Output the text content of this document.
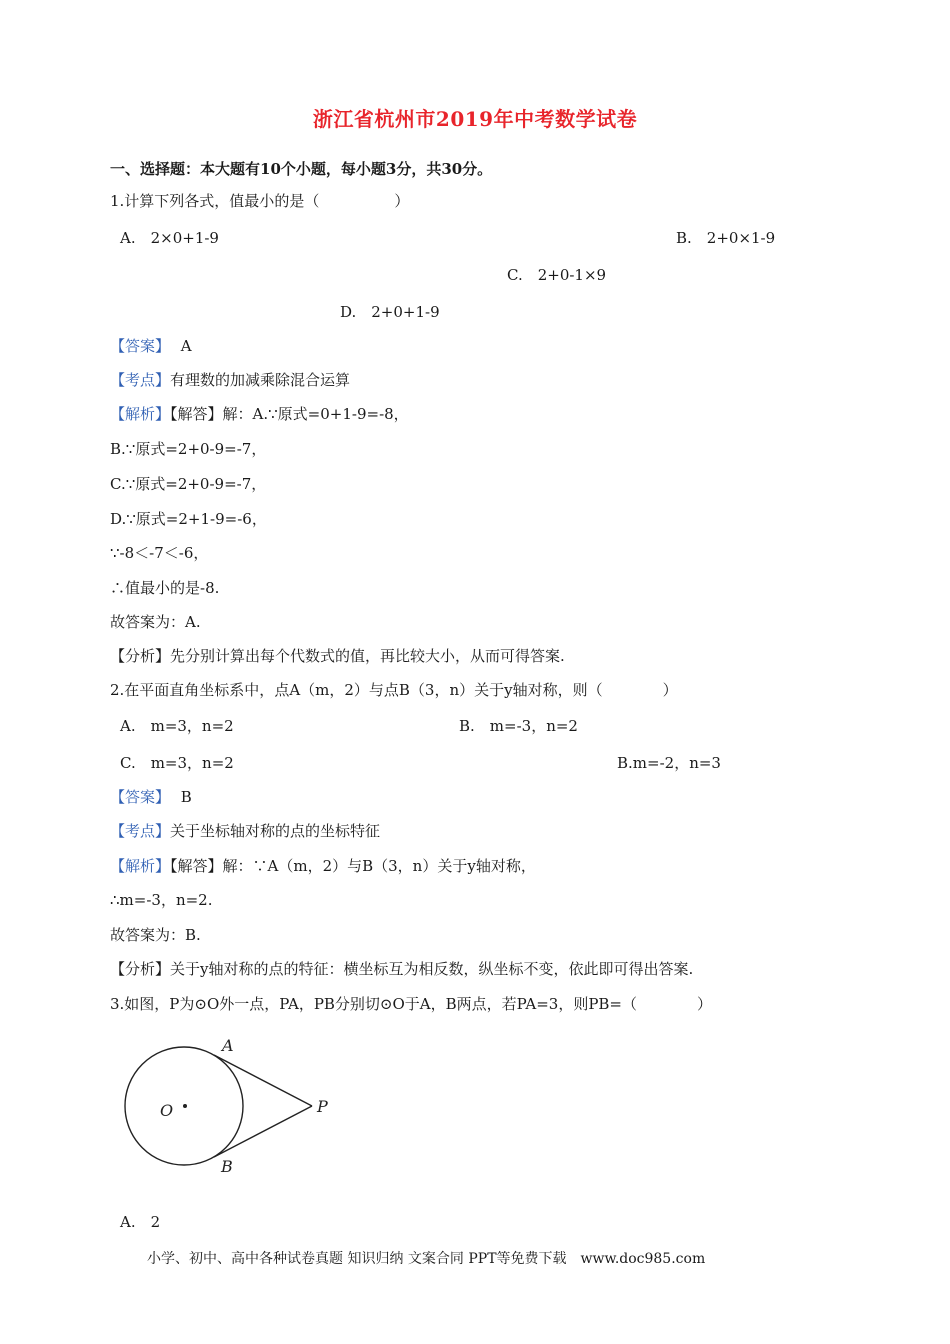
浙江省杭州市2019年中考数学试卷
一、选择题：本大题有10个小题，每小题3分，共30分。
1.计算下列各式，值最小的是（　　　　　）
A.　2×0+1-9	B.　2+0×1-9
C.　2+0-1×9
D.　2+0+1-9
【答案】 A
【考点】有理数的加减乘除混合运算
【解析】【解答】解：A.∵原式=0+1-9=-8，
B.∵原式=2+0-9=-7，
C.∵原式=2+0-9=-7，
D.∵原式=2+1-9=-6，
∵-8＜-7＜-6，
∴值最小的是-8.
故答案为：A.
【分析】先分别计算出每个代数式的值，再比较大小，从而可得答案.
2.在平面直角坐标系中，点A（m，2）与点B（3，n）关于y轴对称，则（　　　　）
A.　m=3，n=2	B.　m=-3，n=2
C.　m=3，n=2	B.m=-2，n=3
【答案】 B
【考点】关于坐标轴对称的点的坐标特征
【解析】【解答】解：∵A（m，2）与B（3，n）关于y轴对称，
∴m=-3，n=2.
故答案为：B.
【分析】关于y轴对称的点的特征：横坐标互为相反数，纵坐标不变，依此即可得出答案.
3.如图，P为⊙O外一点，PA，PB分别切⊙O于A，B两点，若PA=3，则PB=（　　　　）
A
O	P
B
A.　2
小学、初中、高中各种试卷真题 知识归纳 文案合同 PPT等免费下载　www.doc985.com
